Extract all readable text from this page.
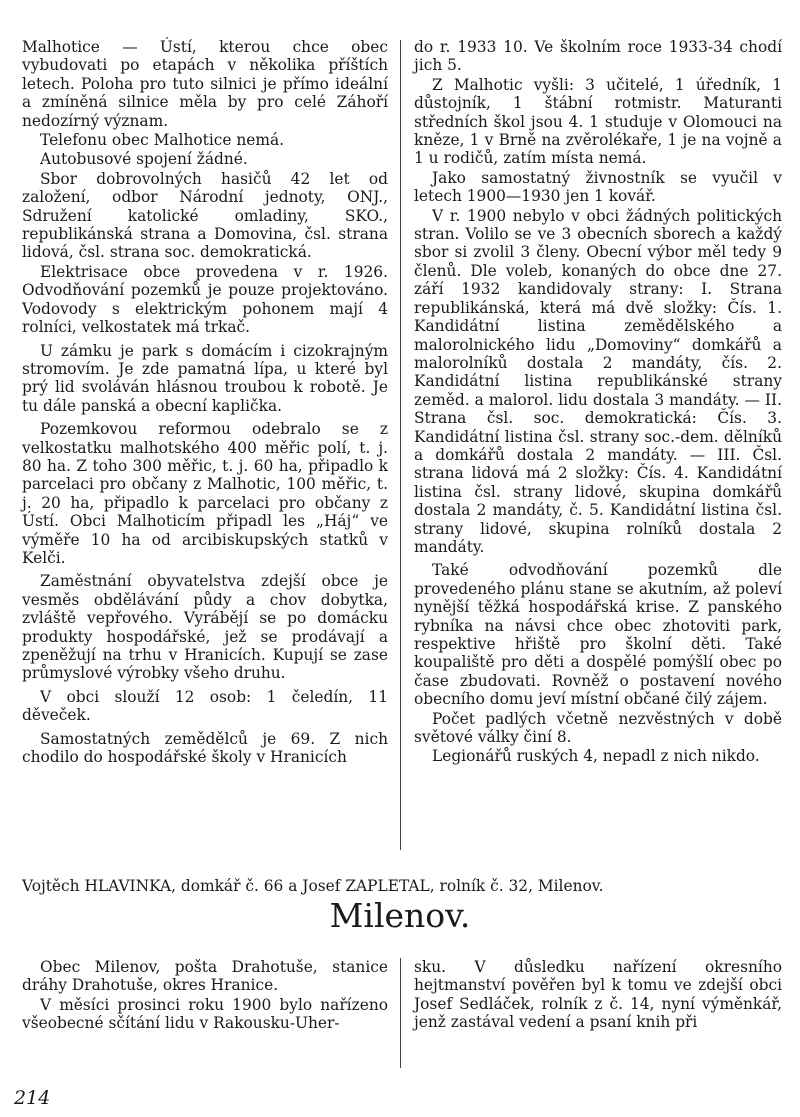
Malhotice — Ústí, kterou chce obec vybudovati po etapách v několika příštích letech. Poloha pro tuto silnici je přímo ideální a zmíněná silnice měla by pro celé Záhoří nedozírný význam.

Telefonu obec Malhotice nemá.

Autobusové spojení žádné.

Sbor dobrovolných hasičů 42 let od založení, odbor Národní jednoty, ONJ., Sdružení katolické omladiny, SKO., republikánská strana a Domovina, čsl. strana lidová, čsl. strana soc. demokratická.

Elektrisace obce provedena v r. 1926. Odvodňování pozemků je pouze projektováno. Vodovody s elektrickým pohonem mají 4 rolníci, velkostatek má trkač.

U zámku je park s domácím i cizokrajným stromovím. Je zde pamatná lípa, u které byl prý lid svoláván hlásnou troubou k robotě. Je tu dále panská a obecní kaplička.

Pozemkovou reformou odebralo se z velkostatku malhotského 400 měřic polí, t. j. 80 ha. Z toho 300 měřic, t. j. 60 ha, připadlo k parcelaci pro občany z Malhotic, 100 měřic, t. j. 20 ha, připadlo k parcelaci pro občany z Ústí. Obci Malhoticím připadl les „Háj“ ve výměře 10 ha od arcibiskupských statků v Kelči.

Zaměstnání obyvatelstva zdejší obce je vesměs obdělávání půdy a chov dobytka, zvláště vepřového. Vyrábějí se po domácku produkty hospodářské, jež se prodávají a zpeněžují na trhu v Hranicích. Kupují se zase průmyslové výrobky všeho druhu.

V obci slouží 12 osob: 1 čeledín, 11 děveček.

Samostatných zemědělců je 69. Z nich chodilo do hospodářské školy v Hranicích

do r. 1933 10. Ve školním roce 1933-34 chodí jich 5.

Z Malhotic vyšli: 3 učitelé, 1 úředník, 1 důstojník, 1 štábní rotmistr. Maturanti středních škol jsou 4. 1 studuje v Olomouci na kněze, 1 v Brně na zvěrolékaře, 1 je na vojně a 1 u rodičů, zatím místa nemá.

Jako samostatný živnostník se vyučil v letech 1900—1930 jen 1 kovář.

V r. 1900 nebylo v obci žádných politických stran. Volilo se ve 3 obecních sborech a každý sbor si zvolil 3 členy. Obecní výbor měl tedy 9 členů. Dle voleb, konaných do obce dne 27. září 1932 kandidovaly strany: I. Strana republikánská, která má dvě složky: Čís. 1. Kandidátní listina zemědělského a malorolnického lidu „Domoviny“ domkářů a malorolníků dostala 2 mandáty, čís. 2. Kandidátní listina republikánské strany zeměd. a malorol. lidu dostala 3 mandáty. — II. Strana čsl. soc. demokratická: Čís. 3. Kandidátní listina čsl. strany soc.-dem. dělníků a domkářů dostala 2 mandáty. — III. Čsl. strana lidová má 2 složky: Čís. 4. Kandidátní listina čsl. strany lidové, skupina domkářů dostala 2 mandáty, č. 5. Kandidátní listina čsl. strany lidové, skupina rolníků dostala 2 mandáty.

Také odvodňování pozemků dle provedeného plánu stane se akutním, až poleví nynější těžká hospodářská krise. Z panského rybníka na návsi chce obec zhotoviti park, respektive hřiště pro školní děti. Také koupaliště pro děti a dospělé pomýšlí obec po čase zbudovati. Rovněž o postavení nového obecního domu jeví místní občané čilý zájem.

Počet padlých včetně nezvěstných v době světové války činí 8.

Legionářů ruských 4, nepadl z nich nikdo.

Vojtěch HLAVINKA, domkář č. 66 a Josef ZAPLETAL, rolník č. 32, Milenov.
Milenov.

Obec Milenov, pošta Drahotuše, stanice dráhy Drahotuše, okres Hranice.

V měsíci prosinci roku 1900 bylo nařízeno všeobecné sčítání lidu v Rakousku-Uher-

sku. V důsledku nařízení okresního hejtmanství pověřen byl k tomu ve zdejší obci Josef Sedláček, rolník z č. 14, nyní výměnkář, jenž zastával vedení a psaní knih při

214
